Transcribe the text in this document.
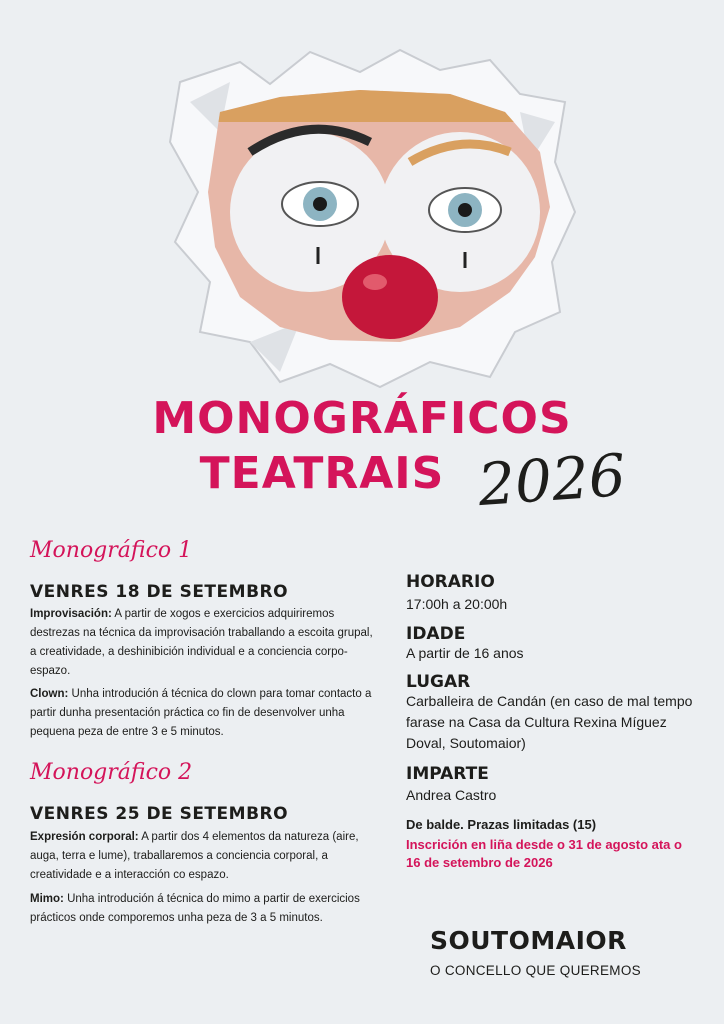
MONOGRÁFICOS
TEATRAIS 2026
Monográfico 1
VENRES 18 DE SETEMBRO
Improvisación: A partir de xogos e exercicios adquiriremos destrezas na técnica da improvisación traballando a escoita grupal, a creatividade, a deshinibición individual e a conciencia corpo-espazo.
Clown: Unha introdución á técnica do clown para tomar contacto a partir dunha presentación práctica co fin de desenvolver unha pequena peza de entre 3 e 5 minutos.
Monográfico 2
VENRES 25 DE SETEMBRO
Expresión corporal: A partir dos 4 elementos da natureza (aire, auga, terra e lume), traballaremos a conciencia corporal, a creatividade e a interacción co espazo.
Mimo: Unha introdución á técnica do mimo a partir de exercicios prácticos onde comporemos unha peza de 3 a 5 minutos.
HORARIO
17:00h a 20:00h
IDADE
A partir de 16 anos
LUGAR
Carballeira de Candán (en caso de mal tempo farase na Casa da Cultura Rexina Míguez Doval, Soutomaior)
IMPARTE
Andrea Castro
De balde. Prazas limitadas (15)
Inscrición en liña desde o 31 de agosto ata o 16 de setembro de 2026
SOUTOMAIOR
O CONCELLO QUE QUEREMOS
